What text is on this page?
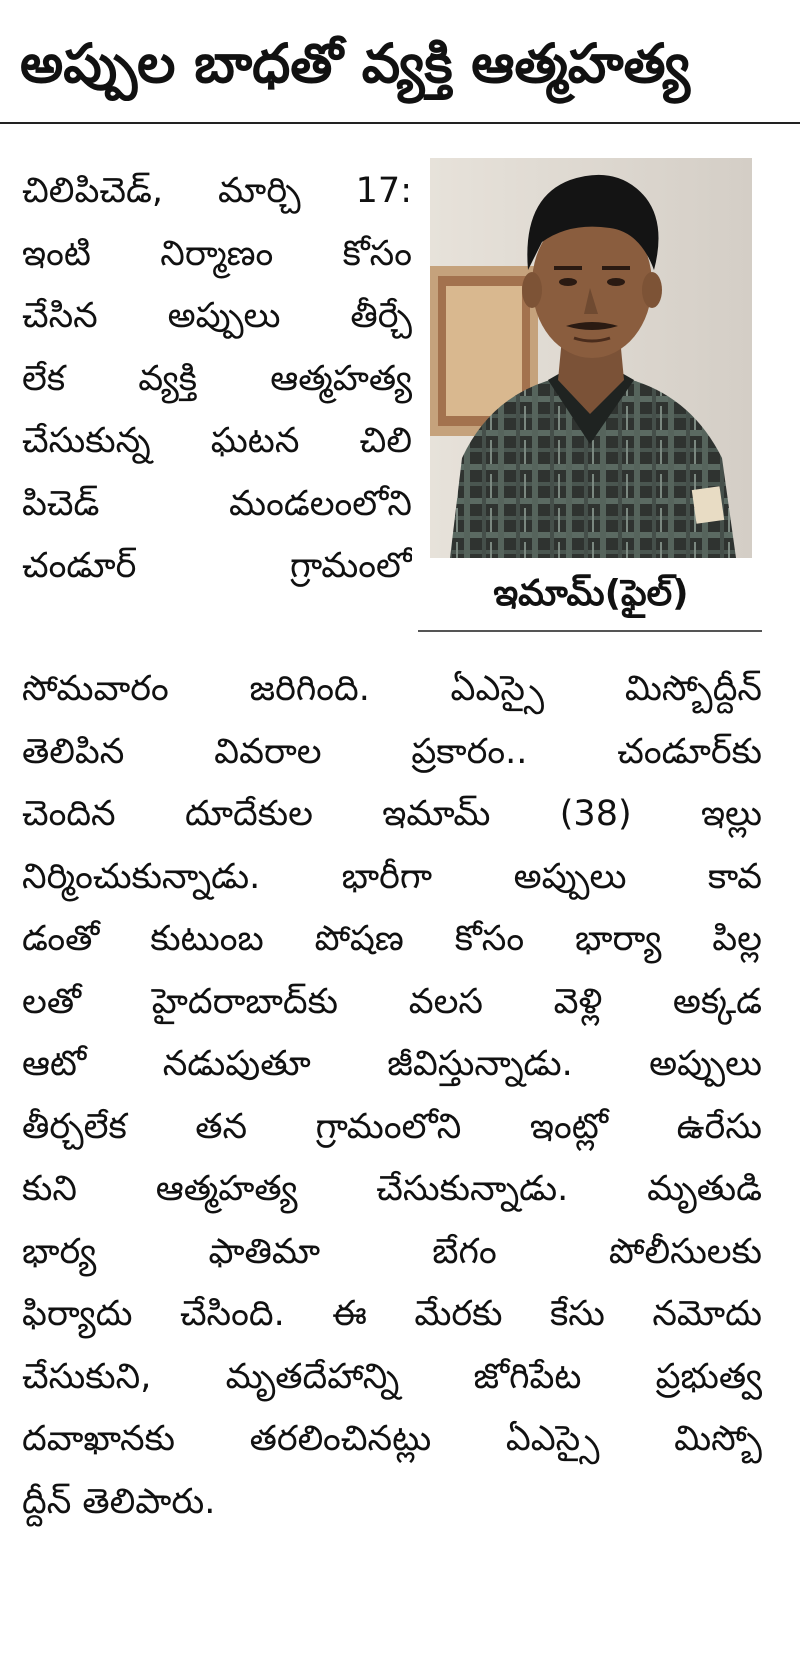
అప్పుల బాధతో వ్యక్తి ఆత్మహత్య
చిలిపిచెడ్, మార్చి 17:
ఇంటి నిర్మాణం కోసం
చేసిన అప్పులు తీర్చే
లేక వ్యక్తి ఆత్మహత్య
చేసుకున్న ఘటన చిలి
పిచెడ్ మండలంలోని
చండూర్ గ్రామంలో
ఇమామ్(ఫైల్)
సోమవారం జరిగింది. ఏఎస్సై మిస్బోద్దీన్
తెలిపిన వివరాల ప్రకారం.. చండూర్‌కు
చెందిన దూదేకుల ఇమామ్ (38) ఇల్లు
నిర్మించుకున్నాడు. భారీగా అప్పులు కావ
డంతో కుటుంబ పోషణ కోసం భార్యా పిల్ల
లతో హైదరాబాద్‌కు వలస వెళ్లి అక్కడ
ఆటో నడుపుతూ జీవిస్తున్నాడు. అప్పులు
తీర్చలేక తన గ్రామంలోని ఇంట్లో ఉరేసు
కుని ఆత్మహత్య చేసుకున్నాడు. మృతుడి
భార్య ఫాతిమా బేగం పోలీసులకు
ఫిర్యాదు చేసింది. ఈ మేరకు కేసు నమోదు
చేసుకుని, మృతదేహాన్ని జోగిపేట ప్రభుత్వ
దవాఖానకు తరలించినట్లు ఏఎస్సై మిస్బో
ద్దీన్ తెలిపారు.
